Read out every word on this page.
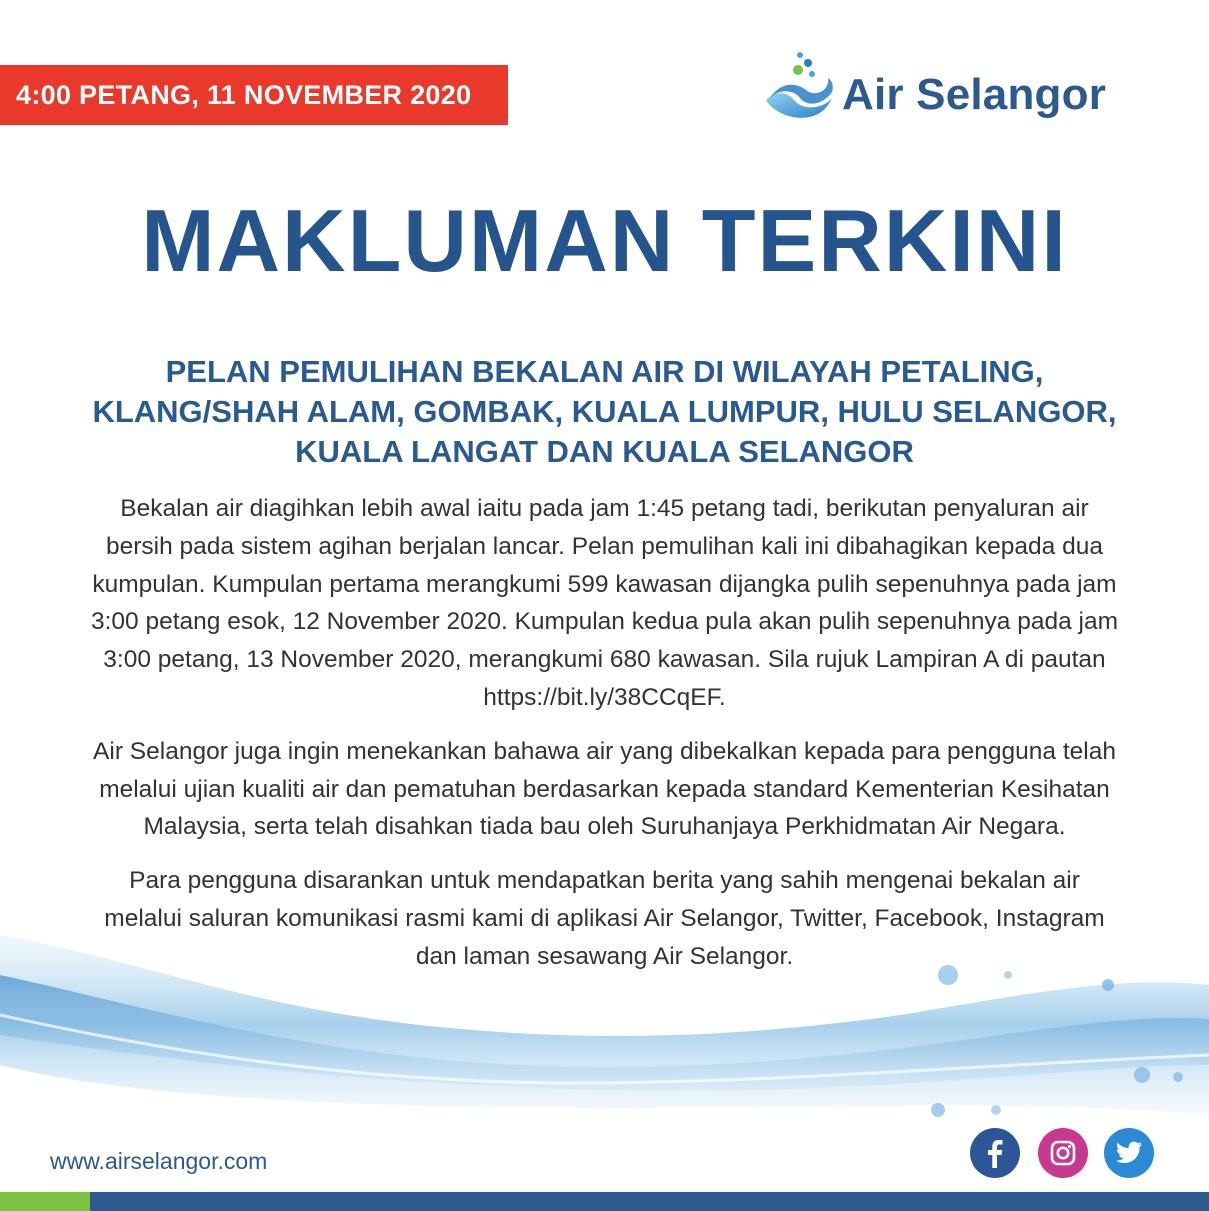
4:00 PETANG, 11 NOVEMBER 2020	Air Selangor
MAKLUMAN TERKINI
PELAN PEMULIHAN BEKALAN AIR DI WILAYAH PETALING,
KLANG/SHAH ALAM, GOMBAK, KUALA LUMPUR, HULU SELANGOR,
KUALA LANGAT DAN KUALA SELANGOR

Bekalan air diagihkan lebih awal iaitu pada jam 1:45 petang tadi, berikutan penyaluran air
bersih pada sistem agihan berjalan lancar. Pelan pemulihan kali ini dibahagikan kepada dua
kumpulan. Kumpulan pertama merangkumi 599 kawasan dijangka pulih sepenuhnya pada jam
3:00 petang esok, 12 November 2020. Kumpulan kedua pula akan pulih sepenuhnya pada jam
3:00 petang, 13 November 2020, merangkumi 680 kawasan. Sila rujuk Lampiran A di pautan
https://bit.ly/38CCqEF.

Air Selangor juga ingin menekankan bahawa air yang dibekalkan kepada para pengguna telah
melalui ujian kualiti air dan pematuhan berdasarkan kepada standard Kementerian Kesihatan
Malaysia, serta telah disahkan tiada bau oleh Suruhanjaya Perkhidmatan Air Negara.

Para pengguna disarankan untuk mendapatkan berita yang sahih mengenai bekalan air
melalui saluran komunikasi rasmi kami di aplikasi Air Selangor, Twitter, Facebook, Instagram
dan laman sesawang Air Selangor.

www.airselangor.com
